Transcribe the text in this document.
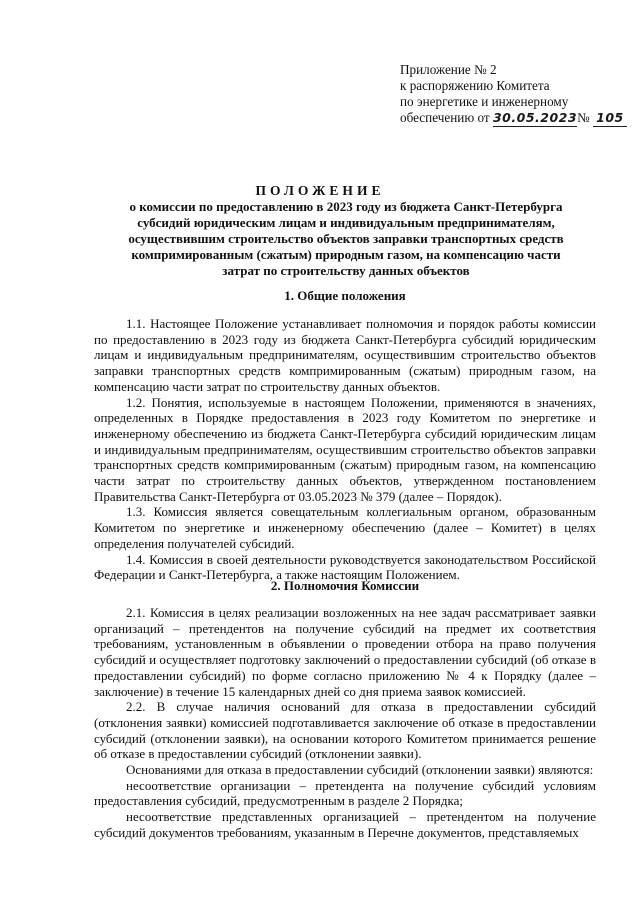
Приложение № 2
к распоряжению Комитета
по энергетике и инженерному
обеспечению от 30.05.2023№ 105
ПОЛОЖЕНИЕ
о комиссии по предоставлению в 2023 году из бюджета Санкт-Петербурга субсидий юридическим лицам и индивидуальным предпринимателям, осуществившим строительство объектов заправки транспортных средств компримированным (сжатым) природным газом, на компенсацию части затрат по строительству данных объектов
1. Общие положения

1.1. Настоящее Положение устанавливает полномочия и порядок работы комиссии по предоставлению в 2023 году из бюджета Санкт-Петербурга субсидий юридическим лицам и индивидуальным предпринимателям, осуществившим строительство объектов заправки транспортных средств компримированным (сжатым) природным газом, на компенсацию части затрат по строительству данных объектов.

1.2. Понятия, используемые в настоящем Положении, применяются в значениях, определенных в Порядке предоставления в 2023 году Комитетом по энергетике и инженерному обеспечению из бюджета Санкт-Петербурга субсидий юридическим лицам и индивидуальным предпринимателям, осуществившим строительство объектов заправки транспортных средств компримированным (сжатым) природным газом, на компенсацию части затрат по строительству данных объектов, утвержденном постановлением Правительства Санкт-Петербурга от 03.05.2023 № 379 (далее – Порядок).

1.3. Комиссия является совещательным коллегиальным органом, образованным Комитетом по энергетике и инженерному обеспечению (далее – Комитет) в целях определения получателей субсидий.

1.4. Комиссия в своей деятельности руководствуется законодательством Российской Федерации и Санкт-Петербурга, а также настоящим Положением.

2. Полномочия Комиссии

2.1. Комиссия в целях реализации возложенных на нее задач рассматривает заявки организаций – претендентов на получение субсидий на предмет их соответствия требованиям, установленным в объявлении о проведении отбора на право получения субсидий и осуществляет подготовку заключений о предоставлении субсидий (об отказе в предоставлении субсидий) по форме согласно приложению № 4 к Порядку (далее – заключение) в течение 15 календарных дней со дня приема заявок комиссией.

2.2. В случае наличия оснований для отказа в предоставлении субсидий (отклонения заявки) комиссией подготавливается заключение об отказе в предоставлении субсидий (отклонении заявки), на основании которого Комитетом принимается решение об отказе в предоставлении субсидий (отклонении заявки).

Основаниями для отказа в предоставлении субсидий (отклонении заявки) являются:

несоответствие организации – претендента на получение субсидий условиям предоставления субсидий, предусмотренным в разделе 2 Порядка;

несоответствие представленных организацией – претендентом на получение субсидий документов требованиям, указанным в Перечне документов, представляемых
